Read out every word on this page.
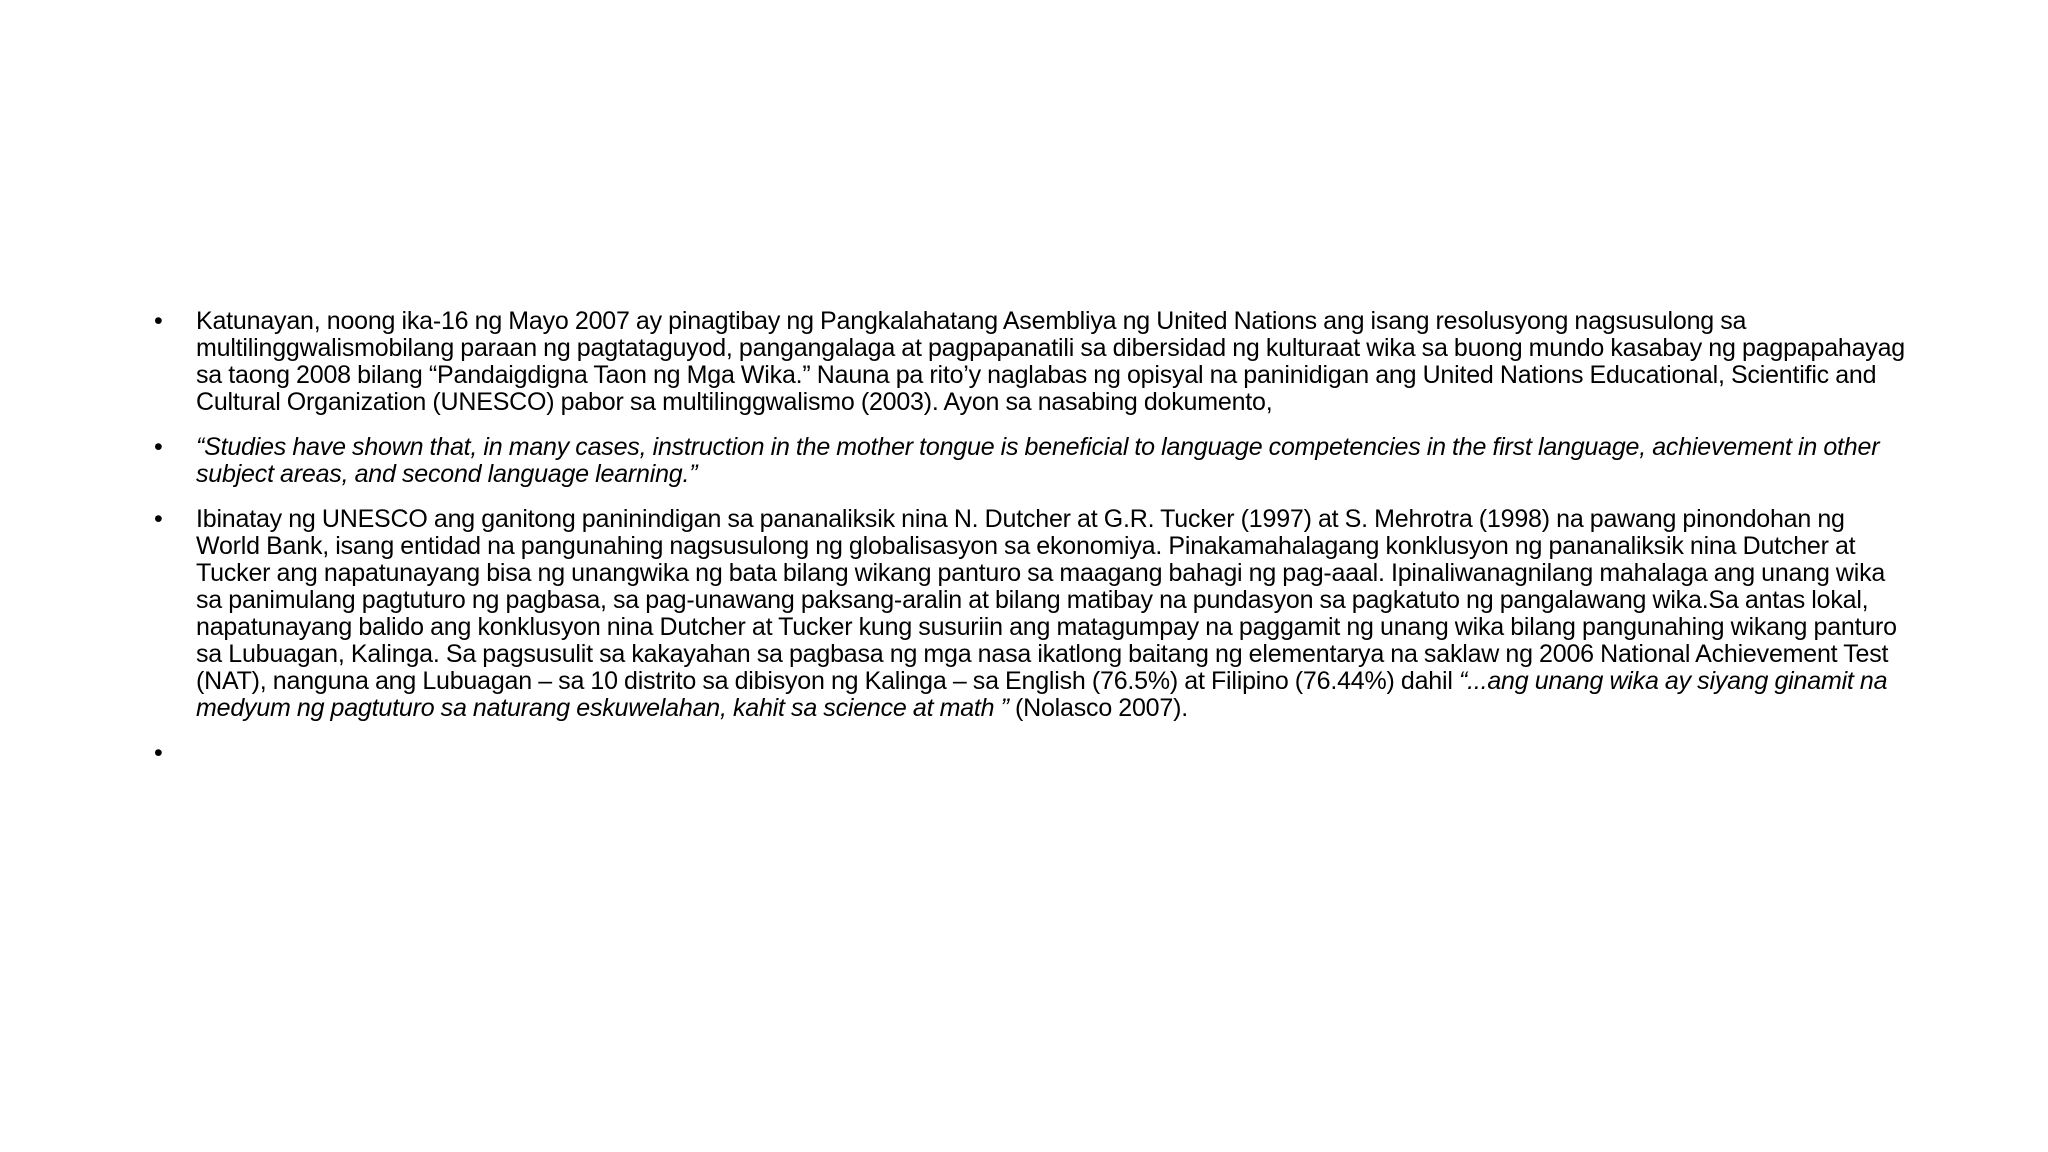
• Katunayan, noong ika-16 ng Mayo 2007 ay pinagtibay ng Pangkalahatang Asembliya ng United Nations ang isang resolusyong nagsusulong sa multilinggwalismobilang paraan ng pagtataguyod, pangangalaga at pagpapanatili sa dibersidad ng kulturaat wika sa buong mundo kasabay ng pagpapahayag sa taong 2008 bilang “Pandaigdigna Taon ng Mga Wika.” Nauna pa rito’y naglabas ng opisyal na paninidigan ang United Nations Educational, Scientific and Cultural Organization (UNESCO) pabor sa multilinggwalismo (2003). Ayon sa nasabing dokumento,
• “Studies have shown that, in many cases, instruction in the mother tongue is beneficial to language competencies in the first language, achievement in other subject areas, and second language learning.”
• Ibinatay ng UNESCO ang ganitong paninindigan sa pananaliksik nina N. Dutcher at G.R. Tucker (1997) at S. Mehrotra (1998) na pawang pinondohan ng World Bank, isang entidad na pangunahing nagsusulong ng globalisasyon sa ekonomiya. Pinakamahalagang konklusyon ng pananaliksik nina Dutcher at Tucker ang napatunayang bisa ng unangwika ng bata bilang wikang panturo sa maagang bahagi ng pag-aaal. Ipinaliwanagnilang mahalaga ang unang wika sa panimulang pagtuturo ng pagbasa, sa pag-unawang paksang-aralin at bilang matibay na pundasyon sa pagkatuto ng pangalawang wika.Sa antas lokal, napatunayang balido ang konklusyon nina Dutcher at Tucker kung susuriin ang matagumpay na paggamit ng unang wika bilang pangunahing wikang panturo sa Lubuagan, Kalinga. Sa pagsusulit sa kakayahan sa pagbasa ng mga nasa ikatlong baitang ng elementarya na saklaw ng 2006 National Achievement Test (NAT), nanguna ang Lubuagan – sa 10 distrito sa dibisyon ng Kalinga – sa English (76.5%) at Filipino (76.44%) dahil “...ang unang wika ay siyang ginamit na medyum ng pagtuturo sa naturang eskuwelahan, kahit sa science at math ” (Nolasco 2007).
•
